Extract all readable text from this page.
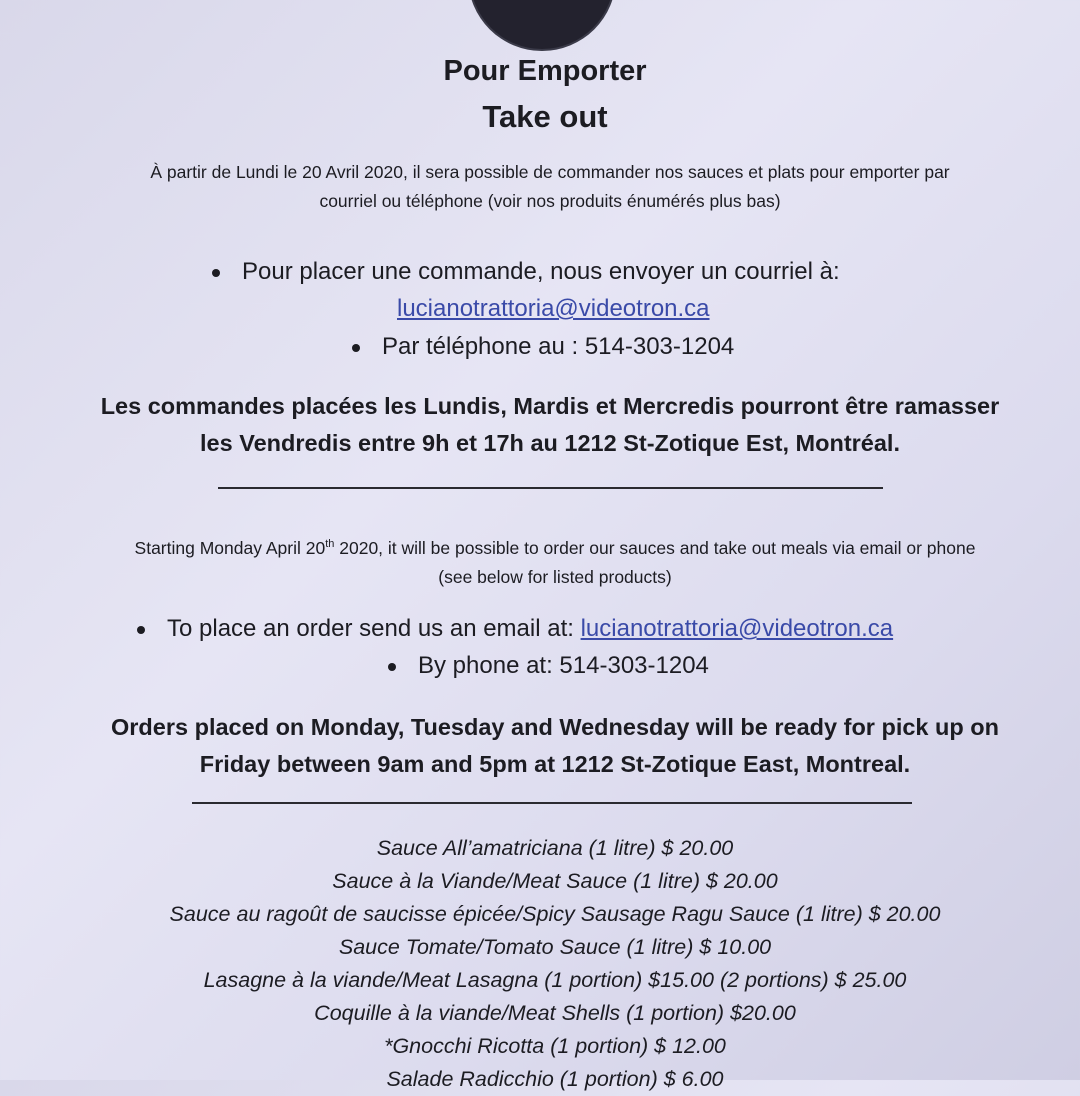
Pour Emporter
Take out
À partir de Lundi le 20 Avril 2020, il sera possible de commander nos sauces et plats pour emporter par
courriel ou téléphone (voir nos produits énumérés plus bas)
Pour placer une commande, nous envoyer un courriel à:
lucianotrattoria@videotron.ca
Par téléphone au : 514-303-1204
Les commandes placées les Lundis, Mardis et Mercredis pourront être ramasser
les Vendredis entre 9h et 17h au 1212 St-Zotique Est, Montréal.
Starting Monday April 20th 2020, it will be possible to order our sauces and take out meals via email or phone
(see below for listed products)
To place an order send us an email at: lucianotrattoria@videotron.ca
By phone at: 514-303-1204
Orders placed on Monday, Tuesday and Wednesday will be ready for pick up on
Friday between 9am and 5pm at 1212 St-Zotique East, Montreal.
Sauce All’amatriciana (1 litre) $ 20.00
Sauce à la Viande/Meat Sauce (1 litre) $ 20.00
Sauce au ragoût de saucisse épicée/Spicy Sausage Ragu Sauce (1 litre) $ 20.00
Sauce Tomate/Tomato Sauce (1 litre) $ 10.00
Lasagne à la viande/Meat Lasagna (1 portion) $15.00 (2 portions) $ 25.00
Coquille à la viande/Meat Shells (1 portion) $20.00
*Gnocchi Ricotta (1 portion) $ 12.00
Salade Radicchio (1 portion) $ 6.00
